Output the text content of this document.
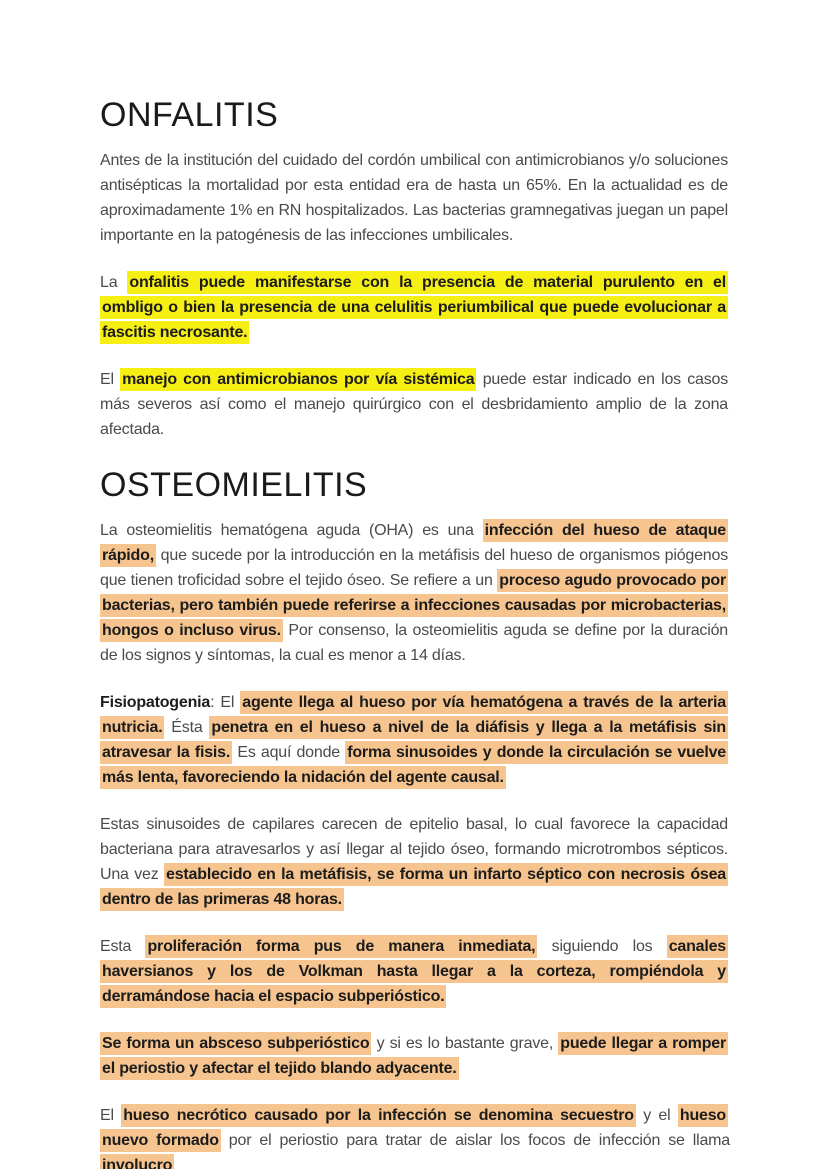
ONFALITIS

Antes de la institución del cuidado del cordón umbilical con antimicrobianos y/o soluciones antisépticas la mortalidad por esta entidad era de hasta un 65%. En la actualidad es de aproximadamente 1% en RN hospitalizados. Las bacterias gramnegativas juegan un papel importante en la patogénesis de las infecciones umbilicales.

La onfalitis puede manifestarse con la presencia de material purulento en el ombligo o bien la presencia de una celulitis periumbilical que puede evolucionar a fascitis necrosante.

El manejo con antimicrobianos por vía sistémica puede estar indicado en los casos más severos así como el manejo quirúrgico con el desbridamiento amplio de la zona afectada.

OSTEOMIELITIS

La osteomielitis hematógena aguda (OHA) es una infección del hueso de ataque rápido, que sucede por la introducción en la metáfisis del hueso de organismos piógenos que tienen troficidad sobre el tejido óseo. Se refiere a un proceso agudo provocado por bacterias, pero también puede referirse a infecciones causadas por microbacterias, hongos o incluso virus. Por consenso, la osteomielitis aguda se define por la duración de los signos y síntomas, la cual es menor a 14 días.

Fisiopatogenia: El agente llega al hueso por vía hematógena a través de la arteria nutricia. Ésta penetra en el hueso a nivel de la diáfisis y llega a la metáfisis sin atravesar la fisis. Es aquí donde forma sinusoides y donde la circulación se vuelve más lenta, favoreciendo la nidación del agente causal.

Estas sinusoides de capilares carecen de epitelio basal, lo cual favorece la capacidad bacteriana para atravesarlos y así llegar al tejido óseo, formando microtrombos sépticos. Una vez establecido en la metáfisis, se forma un infarto séptico con necrosis ósea dentro de las primeras 48 horas.

Esta proliferación forma pus de manera inmediata, siguiendo los canales haversianos y los de Volkman hasta llegar a la corteza, rompiéndola y derramándose hacia el espacio subperióstico.

Se forma un absceso subperióstico y si es lo bastante grave, puede llegar a romper el periostio y afectar el tejido blando adyacente.

El hueso necrótico causado por la infección se denomina secuestro y el hueso nuevo formado por el periostio para tratar de aislar los focos de infección se llama involucro
